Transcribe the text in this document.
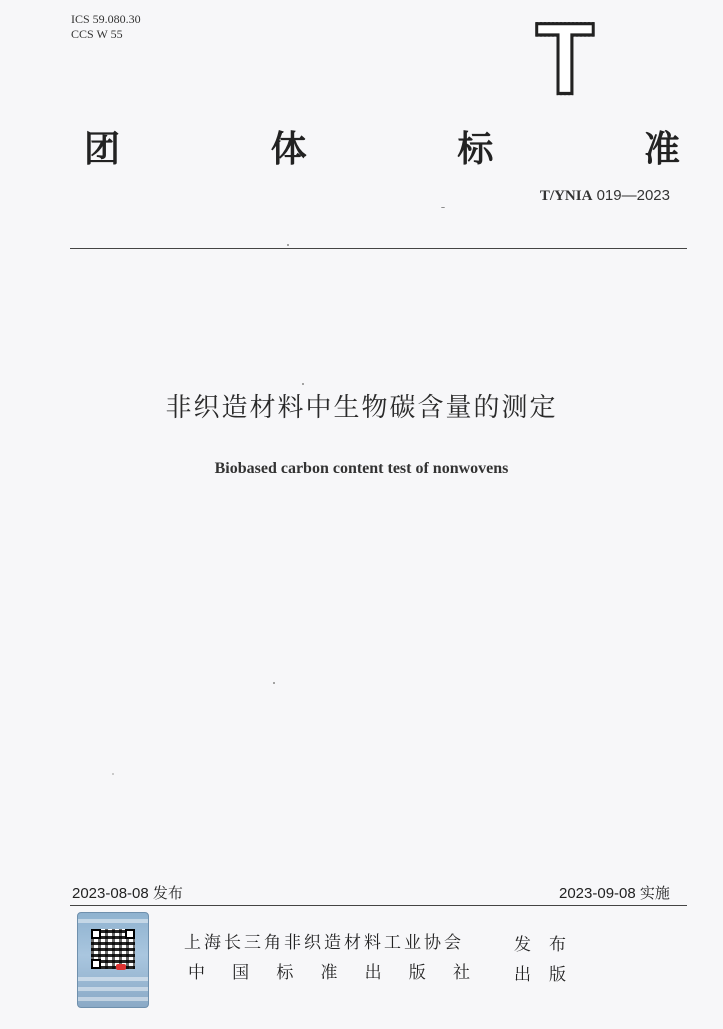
ICS 59.080.30
CCS W 55	T
团	体	标	准
T/YNIA 019—2023
非织造材料中生物碳含量的测定
Biobased carbon content test of nonwovens
2023-08-08 发布	2023-09-08 实施
上海长三角非织造材料工业协会	发 布
中 国 标 准 出 版 社	出 版
